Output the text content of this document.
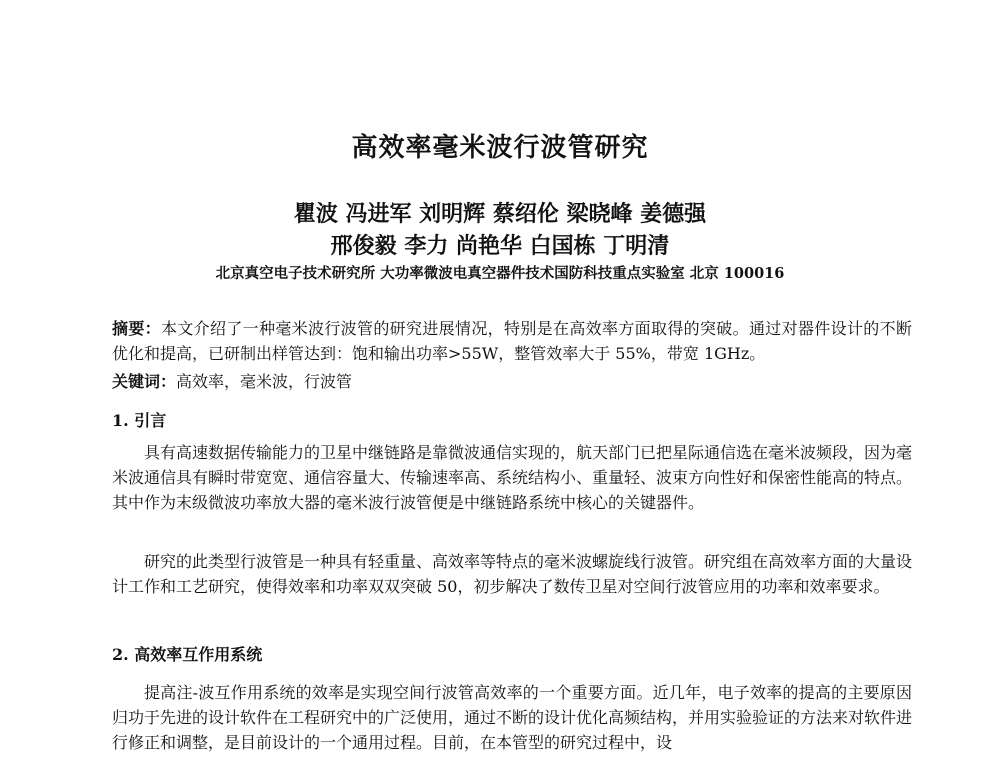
高效率毫米波行波管研究
瞿波 冯进军 刘明辉 蔡绍伦 梁晓峰 姜德强
邢俊毅 李力 尚艳华 白国栋 丁明清
北京真空电子技术研究所 大功率微波电真空器件技术国防科技重点实验室 北京 100016
摘要：本文介绍了一种毫米波行波管的研究进展情况，特别是在高效率方面取得的突破。通过对器件设计的不断优化和提高，已研制出样管达到：饱和输出功率>55W，整管效率大于 55%，带宽 1GHz。
关键词：高效率，毫米波，行波管
1. 引言
具有高速数据传输能力的卫星中继链路是靠微波通信实现的，航天部门已把星际通信选在毫米波频段，因为毫米波通信具有瞬时带宽宽、通信容量大、传输速率高、系统结构小、重量轻、波束方向性好和保密性能高的特点。其中作为末级微波功率放大器的毫米波行波管便是中继链路系统中核心的关键器件。
研究的此类型行波管是一种具有轻重量、高效率等特点的毫米波螺旋线行波管。研究组在高效率方面的大量设计工作和工艺研究，使得效率和功率双双突破 50，初步解决了数传卫星对空间行波管应用的功率和效率要求。
2. 高效率互作用系统
提高注-波互作用系统的效率是实现空间行波管高效率的一个重要方面。近几年，电子效率的提高的主要原因归功于先进的设计软件在工程研究中的广泛使用，通过不断的设计优化高频结构，并用实验验证的方法来对软件进行修正和调整，是目前设计的一个通用过程。目前，在本管型的研究过程中，设
